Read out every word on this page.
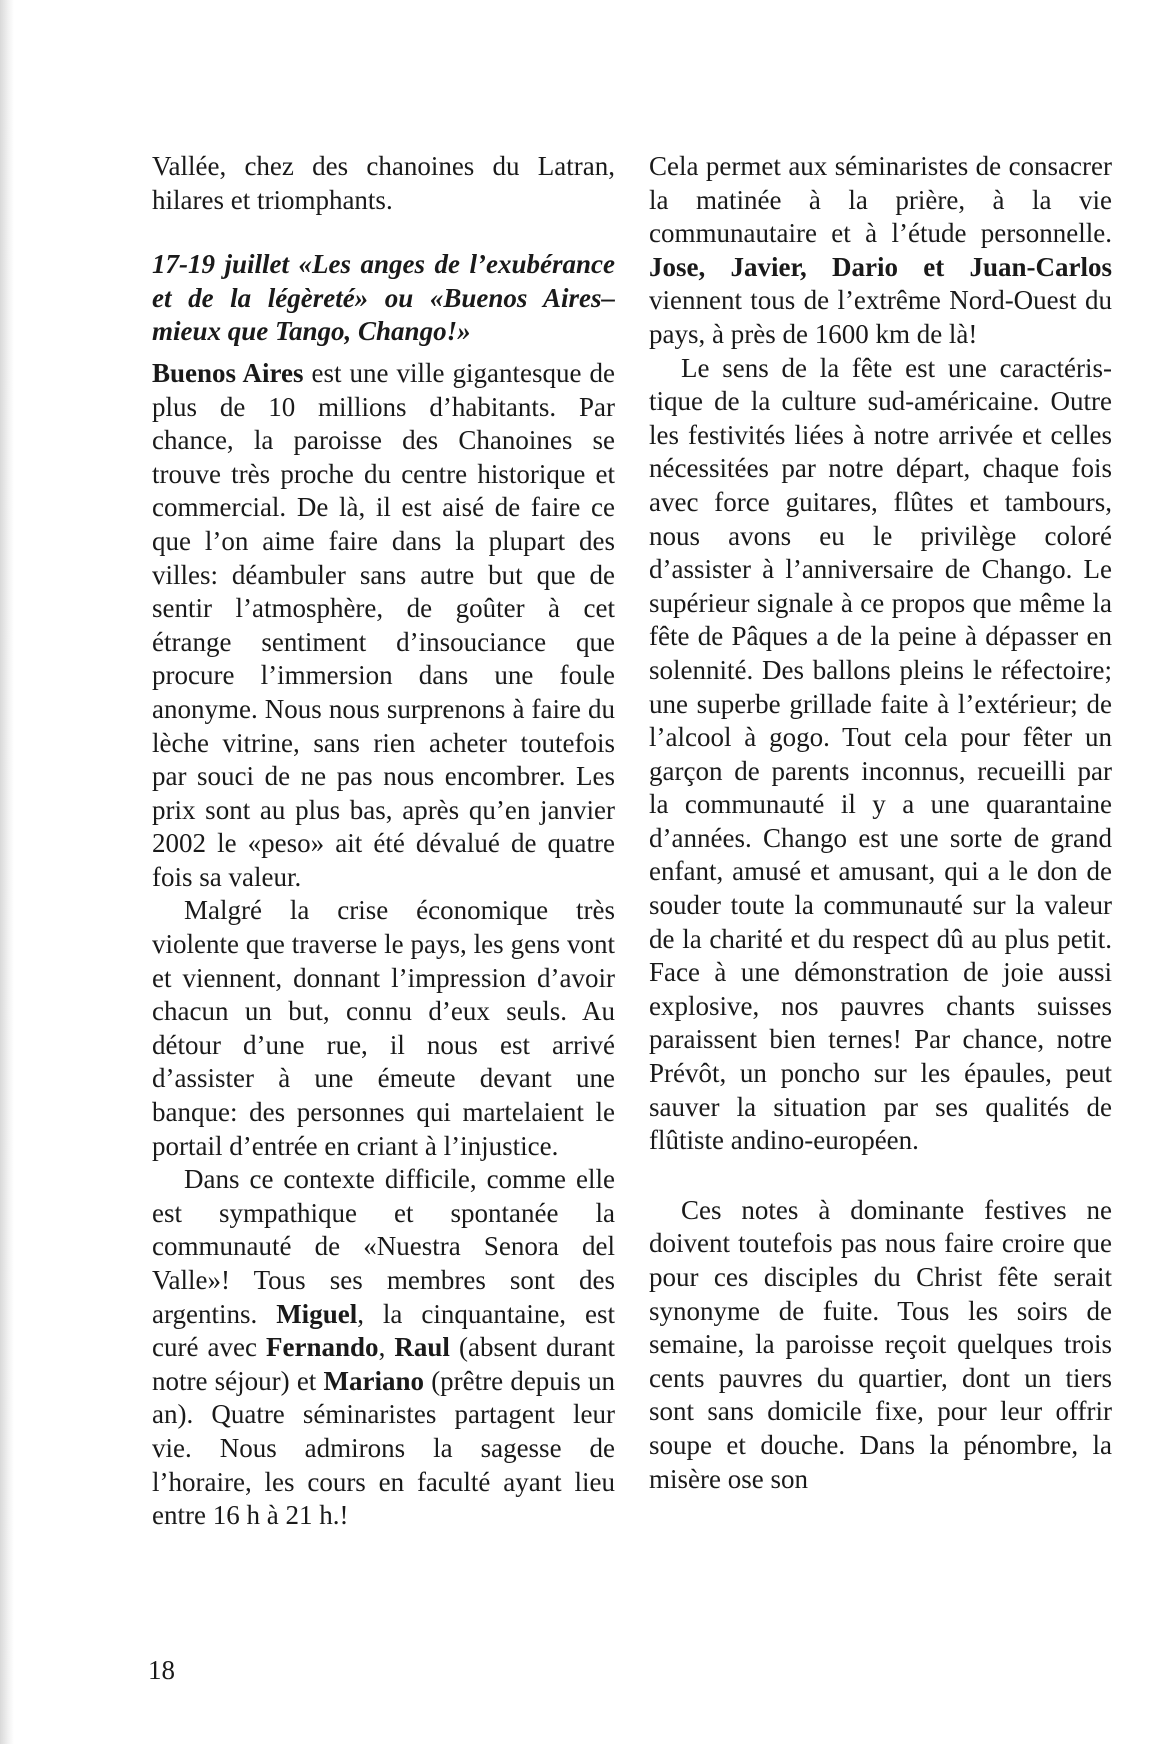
Vallée, chez des chanoines du Latran, hilares et triomphants.

17-19 juillet «Les anges de l’exubérance et de la légèreté» ou «Buenos Aires– mieux que Tango, Chango!»

Buenos Aires est une ville gigantesque de plus de 10 millions d’habitants. Par chance, la paroisse des Chanoines se trouve très proche du centre historique et commercial. De là, il est aisé de faire ce que l’on aime faire dans la plupart des villes: déambuler sans autre but que de sentir l’atmosphère, de goûter à cet étrange sentiment d’insouciance que procure l’immersion dans une foule anonyme. Nous nous surprenons à faire du lèche vitrine, sans rien acheter toutefois par souci de ne pas nous encombrer. Les prix sont au plus bas, après qu’en janvier 2002 le «peso» ait été dévalué de quatre fois sa valeur.

Malgré la crise économique très violente que traverse le pays, les gens vont et viennent, donnant l’impression d’avoir chacun un but, connu d’eux seuls. Au détour d’une rue, il nous est arrivé d’assister à une émeute devant une banque: des personnes qui martelaient le portail d’entrée en criant à l’injustice.

Dans ce contexte difficile, comme elle est sympathique et spontanée la communauté de «Nuestra Senora del Valle»! Tous ses membres sont des argentins. Miguel, la cinquantaine, est curé avec Fernando, Raul (absent durant notre séjour) et Mariano (prêtre depuis un an). Quatre séminaristes partagent leur vie. Nous admirons la sagesse de l’horaire, les cours en faculté ayant lieu entre 16 h à 21 h.!

Cela permet aux séminaristes de consacrer la matinée à la prière, à la vie communautaire et à l’étude personnelle. Jose, Javier, Dario et Juan-Carlos viennent tous de l’extrême Nord-Ouest du pays, à près de 1600 km de là!

Le sens de la fête est une caractéristique de la culture sud-américaine. Outre les festivités liées à notre arrivée et celles nécessitées par notre départ, chaque fois avec force guitares, flûtes et tambours, nous avons eu le privilège coloré d’assister à l’anniversaire de Chango. Le supérieur signale à ce propos que même la fête de Pâques a de la peine à dépasser en solennité. Des ballons pleins le réfectoire; une superbe grillade faite à l’extérieur; de l’alcool à gogo. Tout cela pour fêter un garçon de parents inconnus, recueilli par la communauté il y a une quarantaine d’années. Chango est une sorte de grand enfant, amusé et amusant, qui a le don de souder toute la communauté sur la valeur de la charité et du respect dû au plus petit. Face à une démonstration de joie aussi explosive, nos pauvres chants suisses paraissent bien ternes! Par chance, notre Prévôt, un poncho sur les épaules, peut sauver la situation par ses qualités de flûtiste andino-européen.

Ces notes à dominante festives ne doivent toutefois pas nous faire croire que pour ces disciples du Christ fête serait synonyme de fuite. Tous les soirs de semaine, la paroisse reçoit quelques trois cents pauvres du quartier, dont un tiers sont sans domicile fixe, pour leur offrir soupe et douche. Dans la pénombre, la misère ose son

18
